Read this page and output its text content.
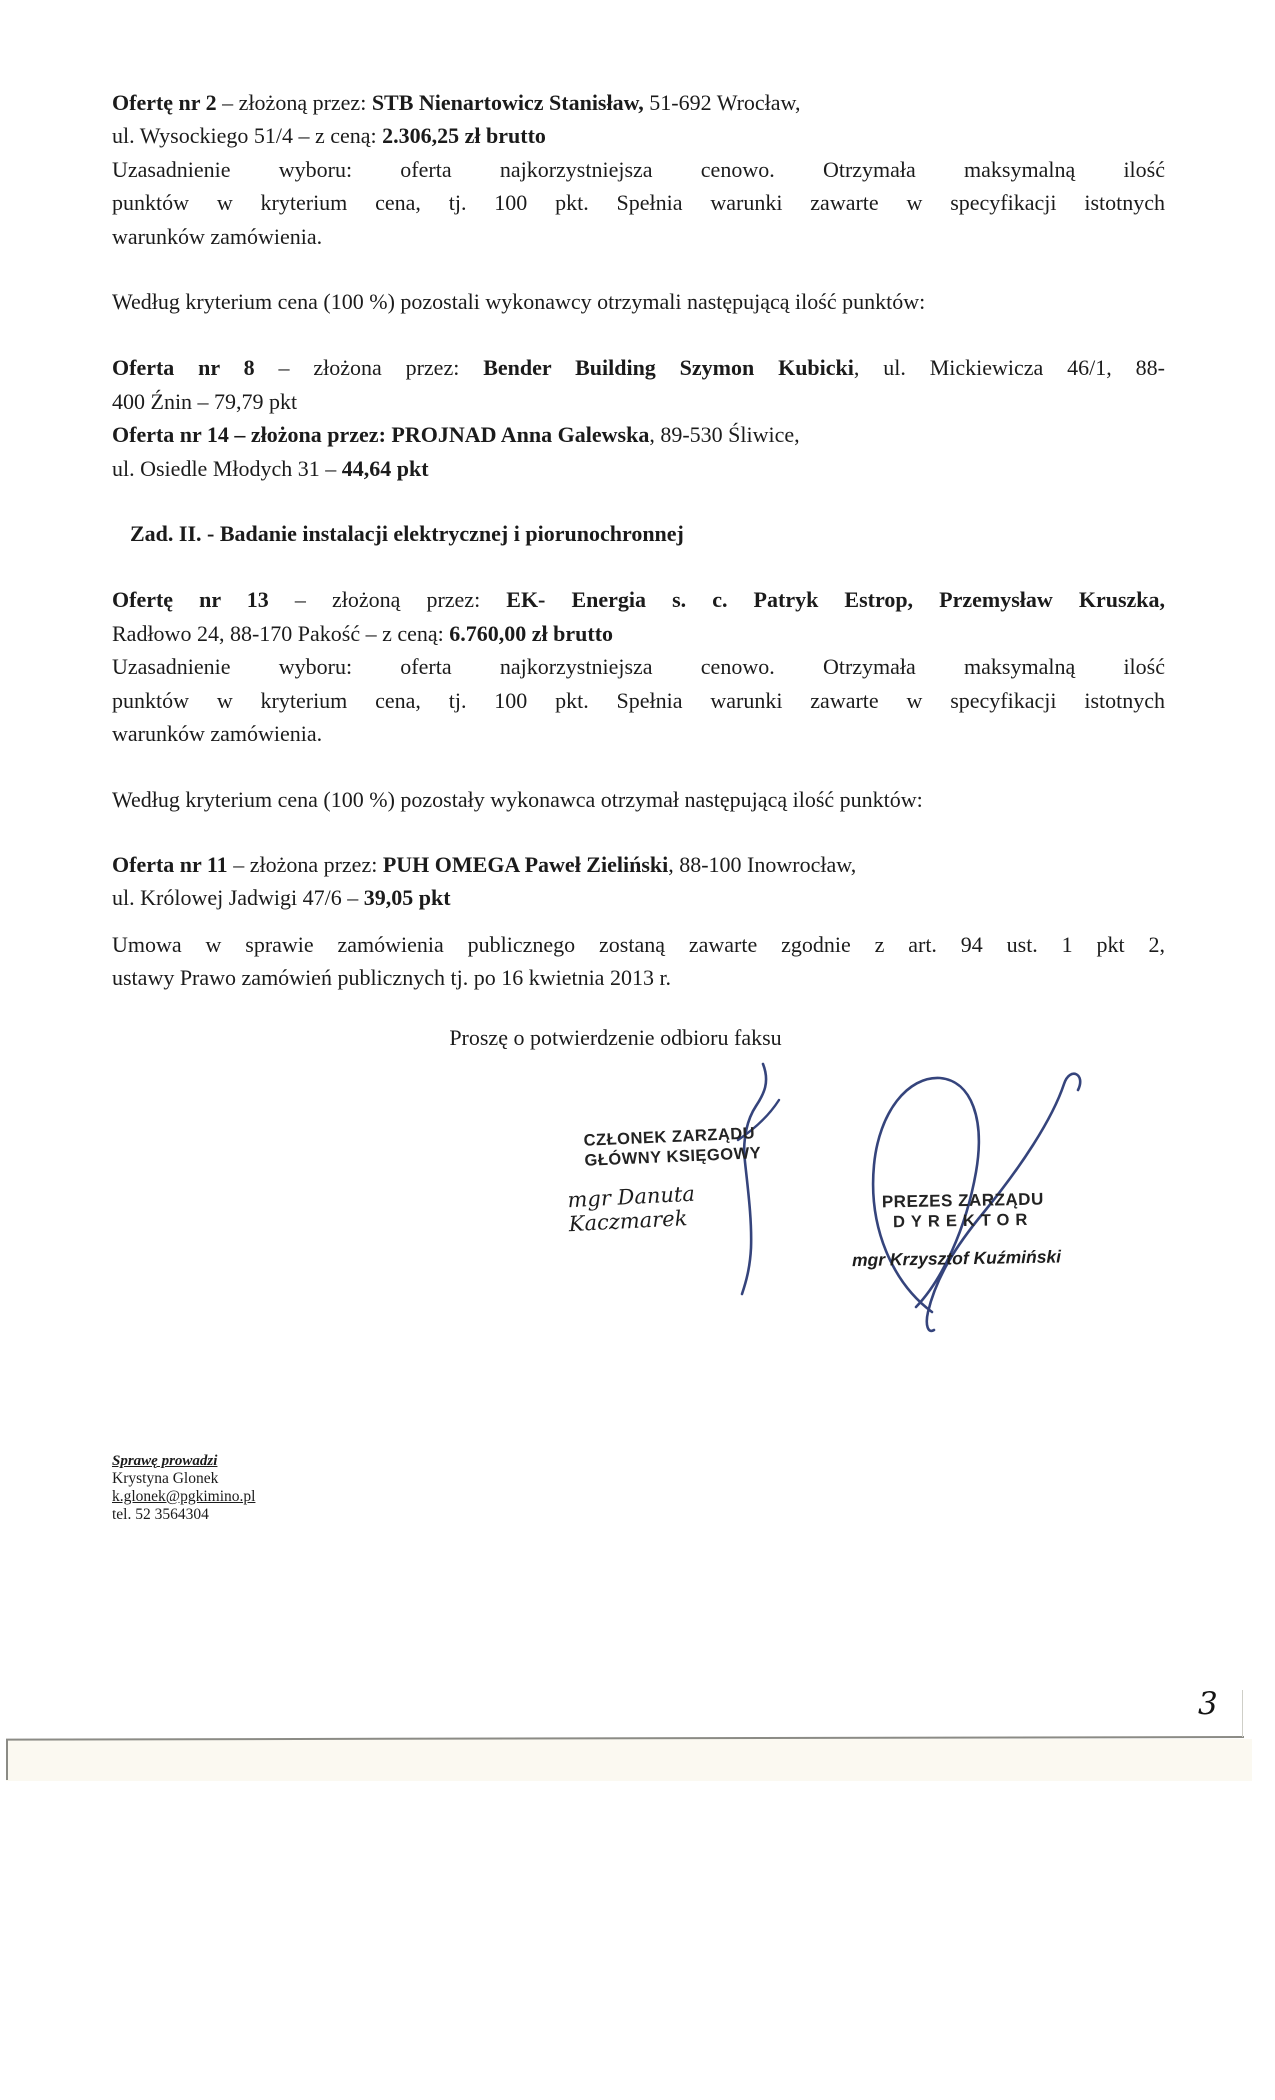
Ofertę nr 2 – złożoną przez: STB Nienartowicz Stanisław, 51-692 Wrocław,
ul. Wysockiego 51/4 – z ceną: 2.306,25 zł brutto
Uzasadnienie wyboru: oferta najkorzystniejsza cenowo. Otrzymała maksymalną ilość
punktów w kryterium cena, tj. 100 pkt. Spełnia warunki zawarte w specyfikacji istotnych
warunków zamówienia.
Według kryterium cena (100 %) pozostali wykonawcy otrzymali następującą ilość punktów:
Oferta nr 8 – złożona przez: Bender Building Szymon Kubicki, ul. Mickiewicza 46/1, 88-
400 Źnin – 79,79 pkt
Oferta nr 14 – złożona przez: PROJNAD Anna Galewska, 89-530 Śliwice,
ul. Osiedle Młodych 31 – 44,64 pkt
Zad. II. - Badanie instalacji elektrycznej i piorunochronnej
Ofertę nr 13 – złożoną przez: EK- Energia s. c. Patryk Estrop, Przemysław Kruszka,
Radłowo 24, 88-170 Pakość – z ceną: 6.760,00 zł brutto
Uzasadnienie wyboru: oferta najkorzystniejsza cenowo. Otrzymała maksymalną ilość
punktów w kryterium cena, tj. 100 pkt. Spełnia warunki zawarte w specyfikacji istotnych
warunków zamówienia.
Według kryterium cena (100 %) pozostały wykonawca otrzymał następującą ilość punktów:
Oferta nr 11 – złożona przez: PUH OMEGA Paweł Zieliński, 88-100 Inowrocław,
ul. Królowej Jadwigi 47/6 – 39,05 pkt
Umowa w sprawie zamówienia publicznego zostaną zawarte zgodnie z art. 94 ust. 1 pkt 2,
ustawy Prawo zamówień publicznych tj. po 16 kwietnia 2013 r.
Proszę o potwierdzenie odbioru faksu
CZŁONEK ZARZĄDU
GŁÓWNY KSIĘGOWY
mgr Danuta Kaczmarek
PREZES ZARZĄDU
DYREKTOR
mgr Krzysztof Kuźmiński
Sprawę prowadzi
Krystyna Glonek
k.glonek@pgkimino.pl
tel. 52 3564304
3
